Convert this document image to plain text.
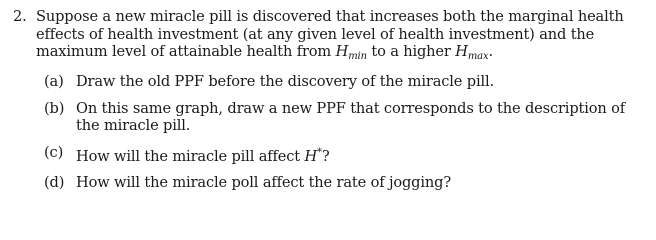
2. Suppose a new miracle pill is discovered that increases both the marginal health effects of health investment (at any given level of health investment) and the maximum level of attainable health from $H_{min}$ to a higher $H_{max}$.
(a) Draw the old PPF before the discovery of the miracle pill.
(b) On this same graph, draw a new PPF that corresponds to the description of the miracle pill.
(c) How will the miracle pill affect H*?
(d) How will the miracle poll affect the rate of jogging?
